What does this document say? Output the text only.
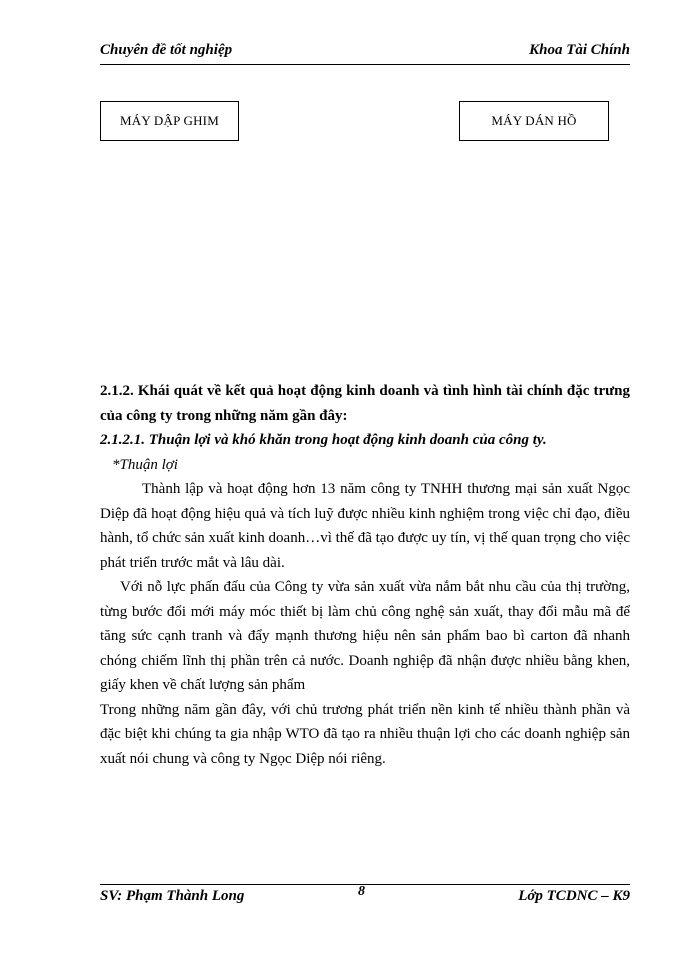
Chuyên đề tốt nghiệp	Khoa Tài Chính
MÁY DẬP GHIM	MÁY DÁN HỒ

2.1.2. Khái quát về kết quả hoạt động kinh doanh và tình hình tài chính đặc trưng của công ty trong những năm gần đây:

2.1.2.1. Thuận lợi và khó khăn trong hoạt động kinh doanh của công ty.

*Thuận lợi

Thành lập và hoạt động hơn 13 năm công ty TNHH thương mại sản xuất Ngọc Diệp đã hoạt động hiệu quả và tích luỹ được nhiều kinh nghiệm trong việc chỉ đạo, điều hành, tổ chức sản xuất kinh doanh…vì thế đã tạo được uy tín, vị thế quan trọng cho việc phát triển trước mắt và lâu dài.

Với nỗ lực phấn đấu của Công ty vừa sản xuất vừa nắm bắt nhu cầu của thị trường, từng bước đổi mới máy móc thiết bị làm chủ công nghệ sản xuất, thay đổi mẫu mã để tăng sức cạnh tranh và đẩy mạnh thương hiệu nên sản phẩm bao bì carton đã nhanh chóng chiếm lĩnh thị phần trên cả nước. Doanh nghiệp đã nhận được nhiều bằng khen, giấy khen về chất lượng sản phẩm

Trong những năm gần đây, với chủ trương phát triển nền kinh tế nhiều thành phần và đặc biệt khi chúng ta gia nhập WTO đã tạo ra nhiều thuận lợi cho các doanh nghiệp sản xuất nói chung và công ty Ngọc Diệp nói riêng.

SV: Phạm Thành Long	8	Lớp TCDNC – K9
